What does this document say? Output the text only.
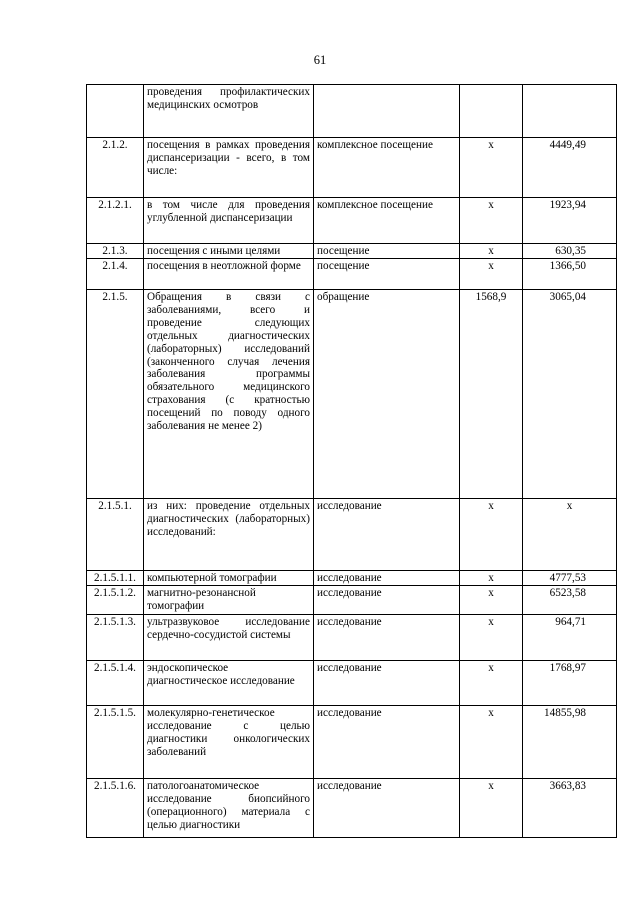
61
	проведения профилактических медицинских осмотров			
2.1.2.	посещения в рамках проведения диспансеризации - всего, в том числе:	комплексное посещение	х	4449,49
2.1.2.1.	в том числе для проведения углубленной диспансеризации	комплексное посещение	х	1923,94
2.1.3.	посещения с иными целями	посещение	х	630,35
2.1.4.	посещения в неотложной форме	посещение	х	1366,50
2.1.5.	Обращения в связи с заболеваниями, всего и проведение следующих отдельных диагностических (лабораторных) исследований (законченного случая лечения заболевания программы обязательного медицинского страхования (с кратностью посещений по поводу одного заболевания не менее 2)	обращение	1568,9	3065,04
2.1.5.1.	из них: проведение отдельных диагностических (лабораторных) исследований:	исследование	х	х
2.1.5.1.1.	компьютерной томографии	исследование	х	4777,53
2.1.5.1.2.	магнитно-резонансной томографии	исследование	х	6523,58
2.1.5.1.3.	ультразвуковое исследование сердечно-сосудистой системы	исследование	х	964,71
2.1.5.1.4.	эндоскопическое диагностическое исследование	исследование	х	1768,97
2.1.5.1.5.	молекулярно-генетическое исследование с целью диагностики онкологических заболеваний	исследование	х	14855,98
2.1.5.1.6.	патологоанатомическое исследование биопсийного (операционного) материала с целью диагностики	исследование	х	3663,83
